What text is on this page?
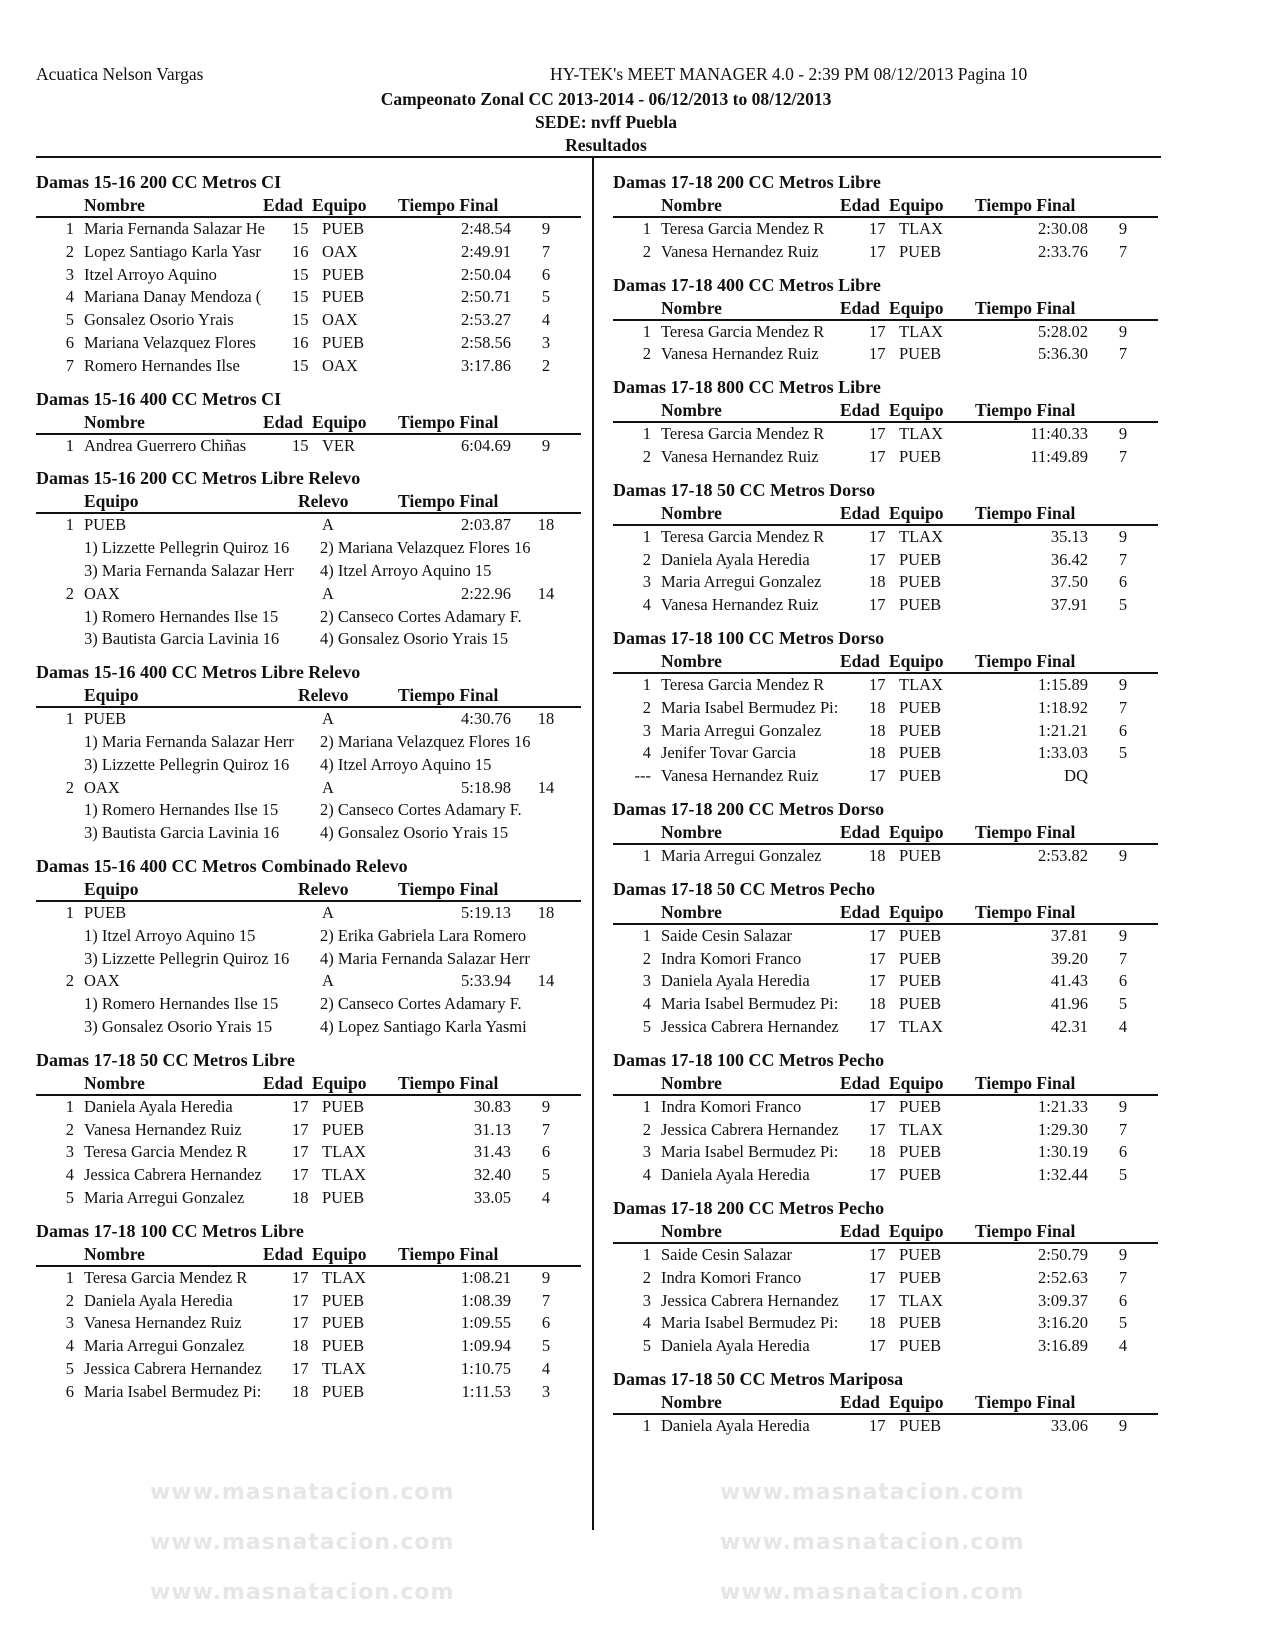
Acuatica Nelson Vargas	HY-TEK's MEET MANAGER 4.0 - 2:39 PM 08/12/2013 Pagina 10
Campeonato Zonal CC 2013-2014 - 06/12/2013 to 08/12/2013
SEDE: nvff Puebla
Resultados
www.masnatacion.com
www.masnatacion.com
www.masnatacion.com
www.masnatacion.com
www.masnatacion.com
www.masnatacion.com
Damas 15-16 200 CC Metros CI
Nombre	Edad Equipo Tiempo Final
1 Maria Fernanda Salazar He	15 PUEB	2:48.54	9
2 Lopez Santiago Karla Yasr	16 OAX	2:49.91	7
3 Itzel Arroyo Aquino	15 PUEB	2:50.04	6
4 Mariana Danay Mendoza (	15 PUEB	2:50.71	5
5 Gonsalez Osorio Yrais	15 OAX	2:53.27	4
6 Mariana Velazquez Flores	16 PUEB	2:58.56	3
7 Romero Hernandes Ilse	15 OAX	3:17.86	2
Damas 15-16 400 CC Metros CI
Nombre	Edad Equipo Tiempo Final
1 Andrea Guerrero Chiñas	15 VER	6:04.69	9
Damas 15-16 200 CC Metros Libre Relevo
Equipo	Relevo	Tiempo Final
1 PUEB	A	2:03.87 18
1) Lizzette Pellegrin Quiroz 16	2) Mariana Velazquez Flores 16
3) Maria Fernanda Salazar Herr	4) Itzel Arroyo Aquino 15
2 OAX	A	2:22.96 14
1) Romero Hernandes Ilse 15	2) Canseco Cortes Adamary F.
3) Bautista Garcia Lavinia 16	4) Gonsalez Osorio Yrais 15
Damas 15-16 400 CC Metros Libre Relevo
Equipo	Relevo	Tiempo Final
1 PUEB	A	4:30.76 18
1) Maria Fernanda Salazar Herr	2) Mariana Velazquez Flores 16
3) Lizzette Pellegrin Quiroz 16	4) Itzel Arroyo Aquino 15
2 OAX	A	5:18.98 14
1) Romero Hernandes Ilse 15	2) Canseco Cortes Adamary F.
3) Bautista Garcia Lavinia 16	4) Gonsalez Osorio Yrais 15
Damas 15-16 400 CC Metros Combinado Relevo
Equipo	Relevo	Tiempo Final
1 PUEB	A	5:19.13 18
1) Itzel Arroyo Aquino 15	2) Erika Gabriela Lara Romero
3) Lizzette Pellegrin Quiroz 16	4) Maria Fernanda Salazar Herr
2 OAX	A	5:33.94 14
1) Romero Hernandes Ilse 15	2) Canseco Cortes Adamary F.
3) Gonsalez Osorio Yrais 15	4) Lopez Santiago Karla Yasmi
Damas 17-18 50 CC Metros Libre
Nombre	Edad Equipo Tiempo Final
1 Daniela Ayala Heredia	17 PUEB	30.83	9
2 Vanesa Hernandez Ruiz	17 PUEB	31.13	7
3 Teresa Garcia Mendez R	17 TLAX	31.43	6
4 Jessica Cabrera Hernandez	17 TLAX	32.40	5
5 Maria Arregui Gonzalez	18 PUEB	33.05	4
Damas 17-18 100 CC Metros Libre
Nombre	Edad Equipo Tiempo Final
1 Teresa Garcia Mendez R	17 TLAX	1:08.21	9
2 Daniela Ayala Heredia	17 PUEB	1:08.39	7
3 Vanesa Hernandez Ruiz	17 PUEB	1:09.55	6
4 Maria Arregui Gonzalez	18 PUEB	1:09.94	5
5 Jessica Cabrera Hernandez	17 TLAX	1:10.75	4
6 Maria Isabel Bermudez Pi:	18 PUEB	1:11.53	3
Damas 17-18 200 CC Metros Libre
Nombre	Edad Equipo Tiempo Final
1 Teresa Garcia Mendez R	17 TLAX	2:30.08	9
2 Vanesa Hernandez Ruiz	17 PUEB	2:33.76	7
Damas 17-18 400 CC Metros Libre
Nombre	Edad Equipo Tiempo Final
1 Teresa Garcia Mendez R	17 TLAX	5:28.02	9
2 Vanesa Hernandez Ruiz	17 PUEB	5:36.30	7
Damas 17-18 800 CC Metros Libre
Nombre	Edad Equipo Tiempo Final
1 Teresa Garcia Mendez R	17 TLAX	11:40.33	9
2 Vanesa Hernandez Ruiz	17 PUEB	11:49.89	7
Damas 17-18 50 CC Metros Dorso
Nombre	Edad Equipo Tiempo Final
1 Teresa Garcia Mendez R	17 TLAX	35.13	9
2 Daniela Ayala Heredia	17 PUEB	36.42	7
3 Maria Arregui Gonzalez	18 PUEB	37.50	6
4 Vanesa Hernandez Ruiz	17 PUEB	37.91	5
Damas 17-18 100 CC Metros Dorso
Nombre	Edad Equipo Tiempo Final
1 Teresa Garcia Mendez R	17 TLAX	1:15.89	9
2 Maria Isabel Bermudez Pi:	18 PUEB	1:18.92	7
3 Maria Arregui Gonzalez	18 PUEB	1:21.21	6
4 Jenifer Tovar Garcia	18 PUEB	1:33.03	5
--- Vanesa Hernandez Ruiz	17 PUEB	DQ
Damas 17-18 200 CC Metros Dorso
Nombre	Edad Equipo Tiempo Final
1 Maria Arregui Gonzalez	18 PUEB	2:53.82	9
Damas 17-18 50 CC Metros Pecho
Nombre	Edad Equipo Tiempo Final
1 Saide Cesin Salazar	17 PUEB	37.81	9
2 Indra Komori Franco	17 PUEB	39.20	7
3 Daniela Ayala Heredia	17 PUEB	41.43	6
4 Maria Isabel Bermudez Pi:	18 PUEB	41.96	5
5 Jessica Cabrera Hernandez	17 TLAX	42.31	4
Damas 17-18 100 CC Metros Pecho
Nombre	Edad Equipo Tiempo Final
1 Indra Komori Franco	17 PUEB	1:21.33	9
2 Jessica Cabrera Hernandez	17 TLAX	1:29.30	7
3 Maria Isabel Bermudez Pi:	18 PUEB	1:30.19	6
4 Daniela Ayala Heredia	17 PUEB	1:32.44	5
Damas 17-18 200 CC Metros Pecho
Nombre	Edad Equipo Tiempo Final
1 Saide Cesin Salazar	17 PUEB	2:50.79	9
2 Indra Komori Franco	17 PUEB	2:52.63	7
3 Jessica Cabrera Hernandez	17 TLAX	3:09.37	6
4 Maria Isabel Bermudez Pi:	18 PUEB	3:16.20	5
5 Daniela Ayala Heredia	17 PUEB	3:16.89	4
Damas 17-18 50 CC Metros Mariposa
Nombre	Edad Equipo Tiempo Final
1 Daniela Ayala Heredia	17 PUEB	33.06	9
